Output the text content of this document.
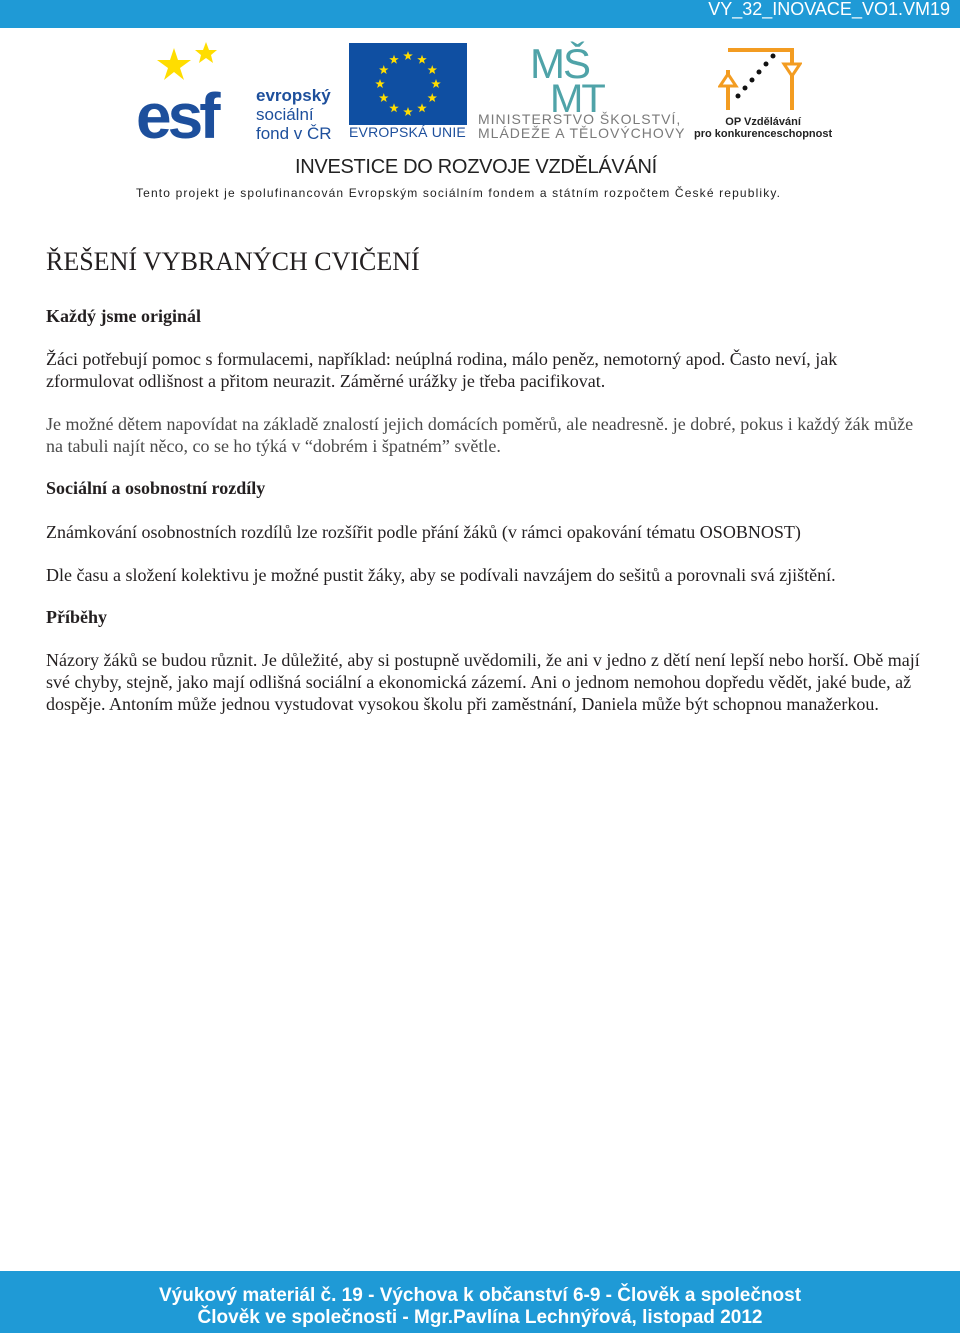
VY_32_INOVACE_VO1.VM19
esf evropský
sociální
fond v ČR EVROPSKÁ UNIE
MŠ
MT
MINISTERSTVO ŠKOLSTVÍ,
MLÁDEŽE A TĚLOVÝCHOVY
OP Vzdělávání
pro konkurenceschopnost
INVESTICE DO ROZVOJE VZDĚLÁVÁNÍ
Tento projekt je spolufinancován Evropským sociálním fondem a státním rozpočtem České republiky.
ŘEŠENÍ VYBRANÝCH CVIČENÍ
Každý jsme originál

Žáci potřebují pomoc s formulacemi, například: neúplná rodina, málo peněz, nemotorný apod. Často neví, jak zformulovat odlišnost a přitom neurazit. Záměrné urážky je třeba pacifikovat.

Je možné dětem napovídat na základě znalostí jejich domácích poměrů, ale neadresně. je dobré, pokus i každý žák může na tabuli najít něco, co se ho týká v “dobrém i špatném” světle.

Sociální a osobnostní rozdíly

Známkování osobnostních rozdílů lze rozšířit podle přání žáků (v rámci opakování tématu OSOBNOST)

Dle času a složení kolektivu je možné pustit žáky, aby se podívali navzájem do sešitů a porovnali svá zjištění.

Příběhy

Názory žáků se budou různit. Je důležité, aby si postupně uvědomili, že ani v jedno z dětí není lepší nebo horší. Obě mají své chyby, stejně, jako mají odlišná sociální a ekonomická zázemí. Ani o jednom nemohou dopředu vědět, jaké bude, až dospěje. Antoním může jednou vystudovat vysokou školu při zaměstnání, Daniela může být schopnou manažerkou.

Výukový materiál č. 19 - Výchova k občanství 6-9 - Člověk a společnost
Člověk ve společnosti - Mgr.Pavlína Lechnýřová, listopad 2012
